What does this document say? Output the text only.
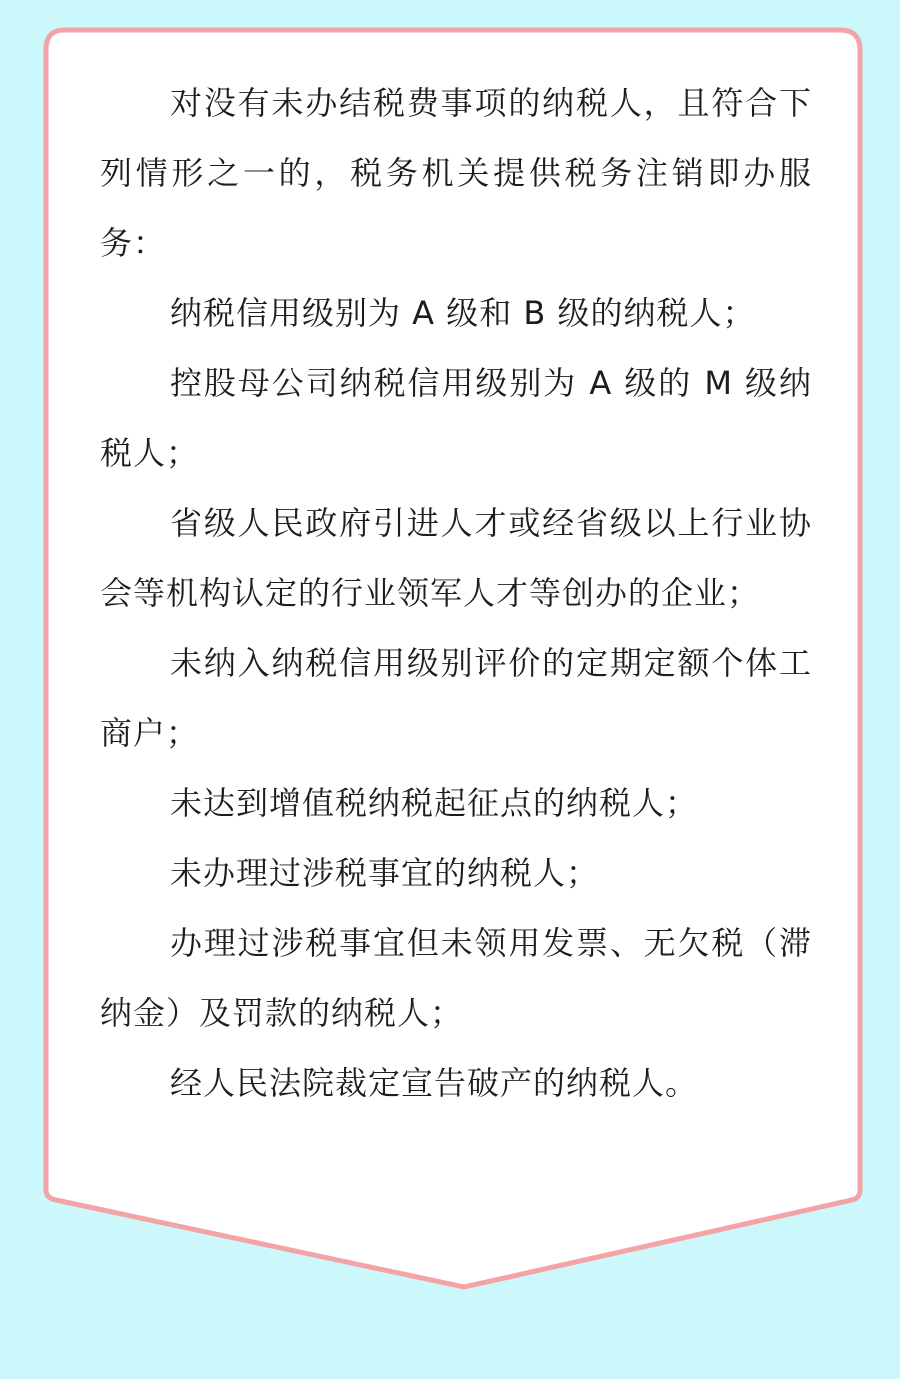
对没有未办结税费事项的纳税人，且符合下列情形之一的，税务机关提供税务注销即办服务：

纳税信用级别为 A 级和 B 级的纳税人；

控股母公司纳税信用级别为 A 级的 M 级纳税人；

省级人民政府引进人才或经省级以上行业协会等机构认定的行业领军人才等创办的企业；

未纳入纳税信用级别评价的定期定额个体工商户；

未达到增值税纳税起征点的纳税人；

未办理过涉税事宜的纳税人；

办理过涉税事宜但未领用发票、无欠税（滞纳金）及罚款的纳税人；

经人民法院裁定宣告破产的纳税人。
